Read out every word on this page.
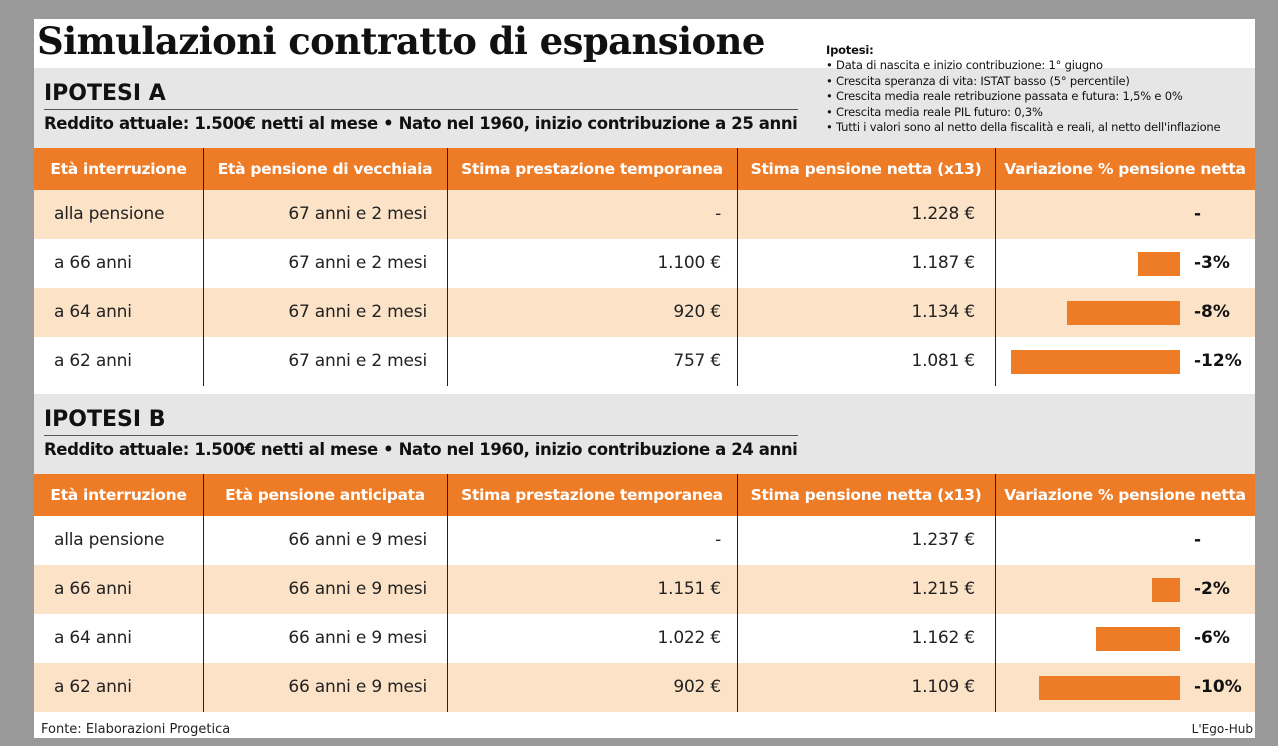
Simulazioni contratto di espansione	Ipotesi:
• Data di nascita e inizio contribuzione: 1° giugno
• Crescita speranza di vita: ISTAT basso (5° percentile)
• Crescita media reale retribuzione passata e futura: 1,5% e 0%
• Crescita media reale PIL futuro: 0,3%
• Tutti i valori sono al netto della fiscalità e reali, al netto dell'inflazione
IPOTESI A
Reddito attuale: 1.500€ netti al mese • Nato nel 1960, inizio contribuzione a 25 anni
Età interruzione	Età pensione di vecchiaia	Stima prestazione temporanea	Stima pensione netta (x13)	Variazione % pensione netta
alla pensione	67 anni e 2 mesi	-	1.228 €	-
a 66 anni	67 anni e 2 mesi	1.100 €	1.187 €	-3%
a 64 anni	67 anni e 2 mesi	920 €	1.134 €	-8%
a 62 anni	67 anni e 2 mesi	757 €	1.081 €	-12%
IPOTESI B
Reddito attuale: 1.500€ netti al mese • Nato nel 1960, inizio contribuzione a 24 anni
Età interruzione	Età pensione anticipata	Stima prestazione temporanea	Stima pensione netta (x13)	Variazione % pensione netta
alla pensione	66 anni e 9 mesi	-	1.237 €	-
a 66 anni	66 anni e 9 mesi	1.151 €	1.215 €	-2%
a 64 anni	66 anni e 9 mesi	1.022 €	1.162 €	-6%
a 62 anni	66 anni e 9 mesi	902 €	1.109 €	-10%
Fonte: Elaborazioni Progetica	L'Ego-Hub
